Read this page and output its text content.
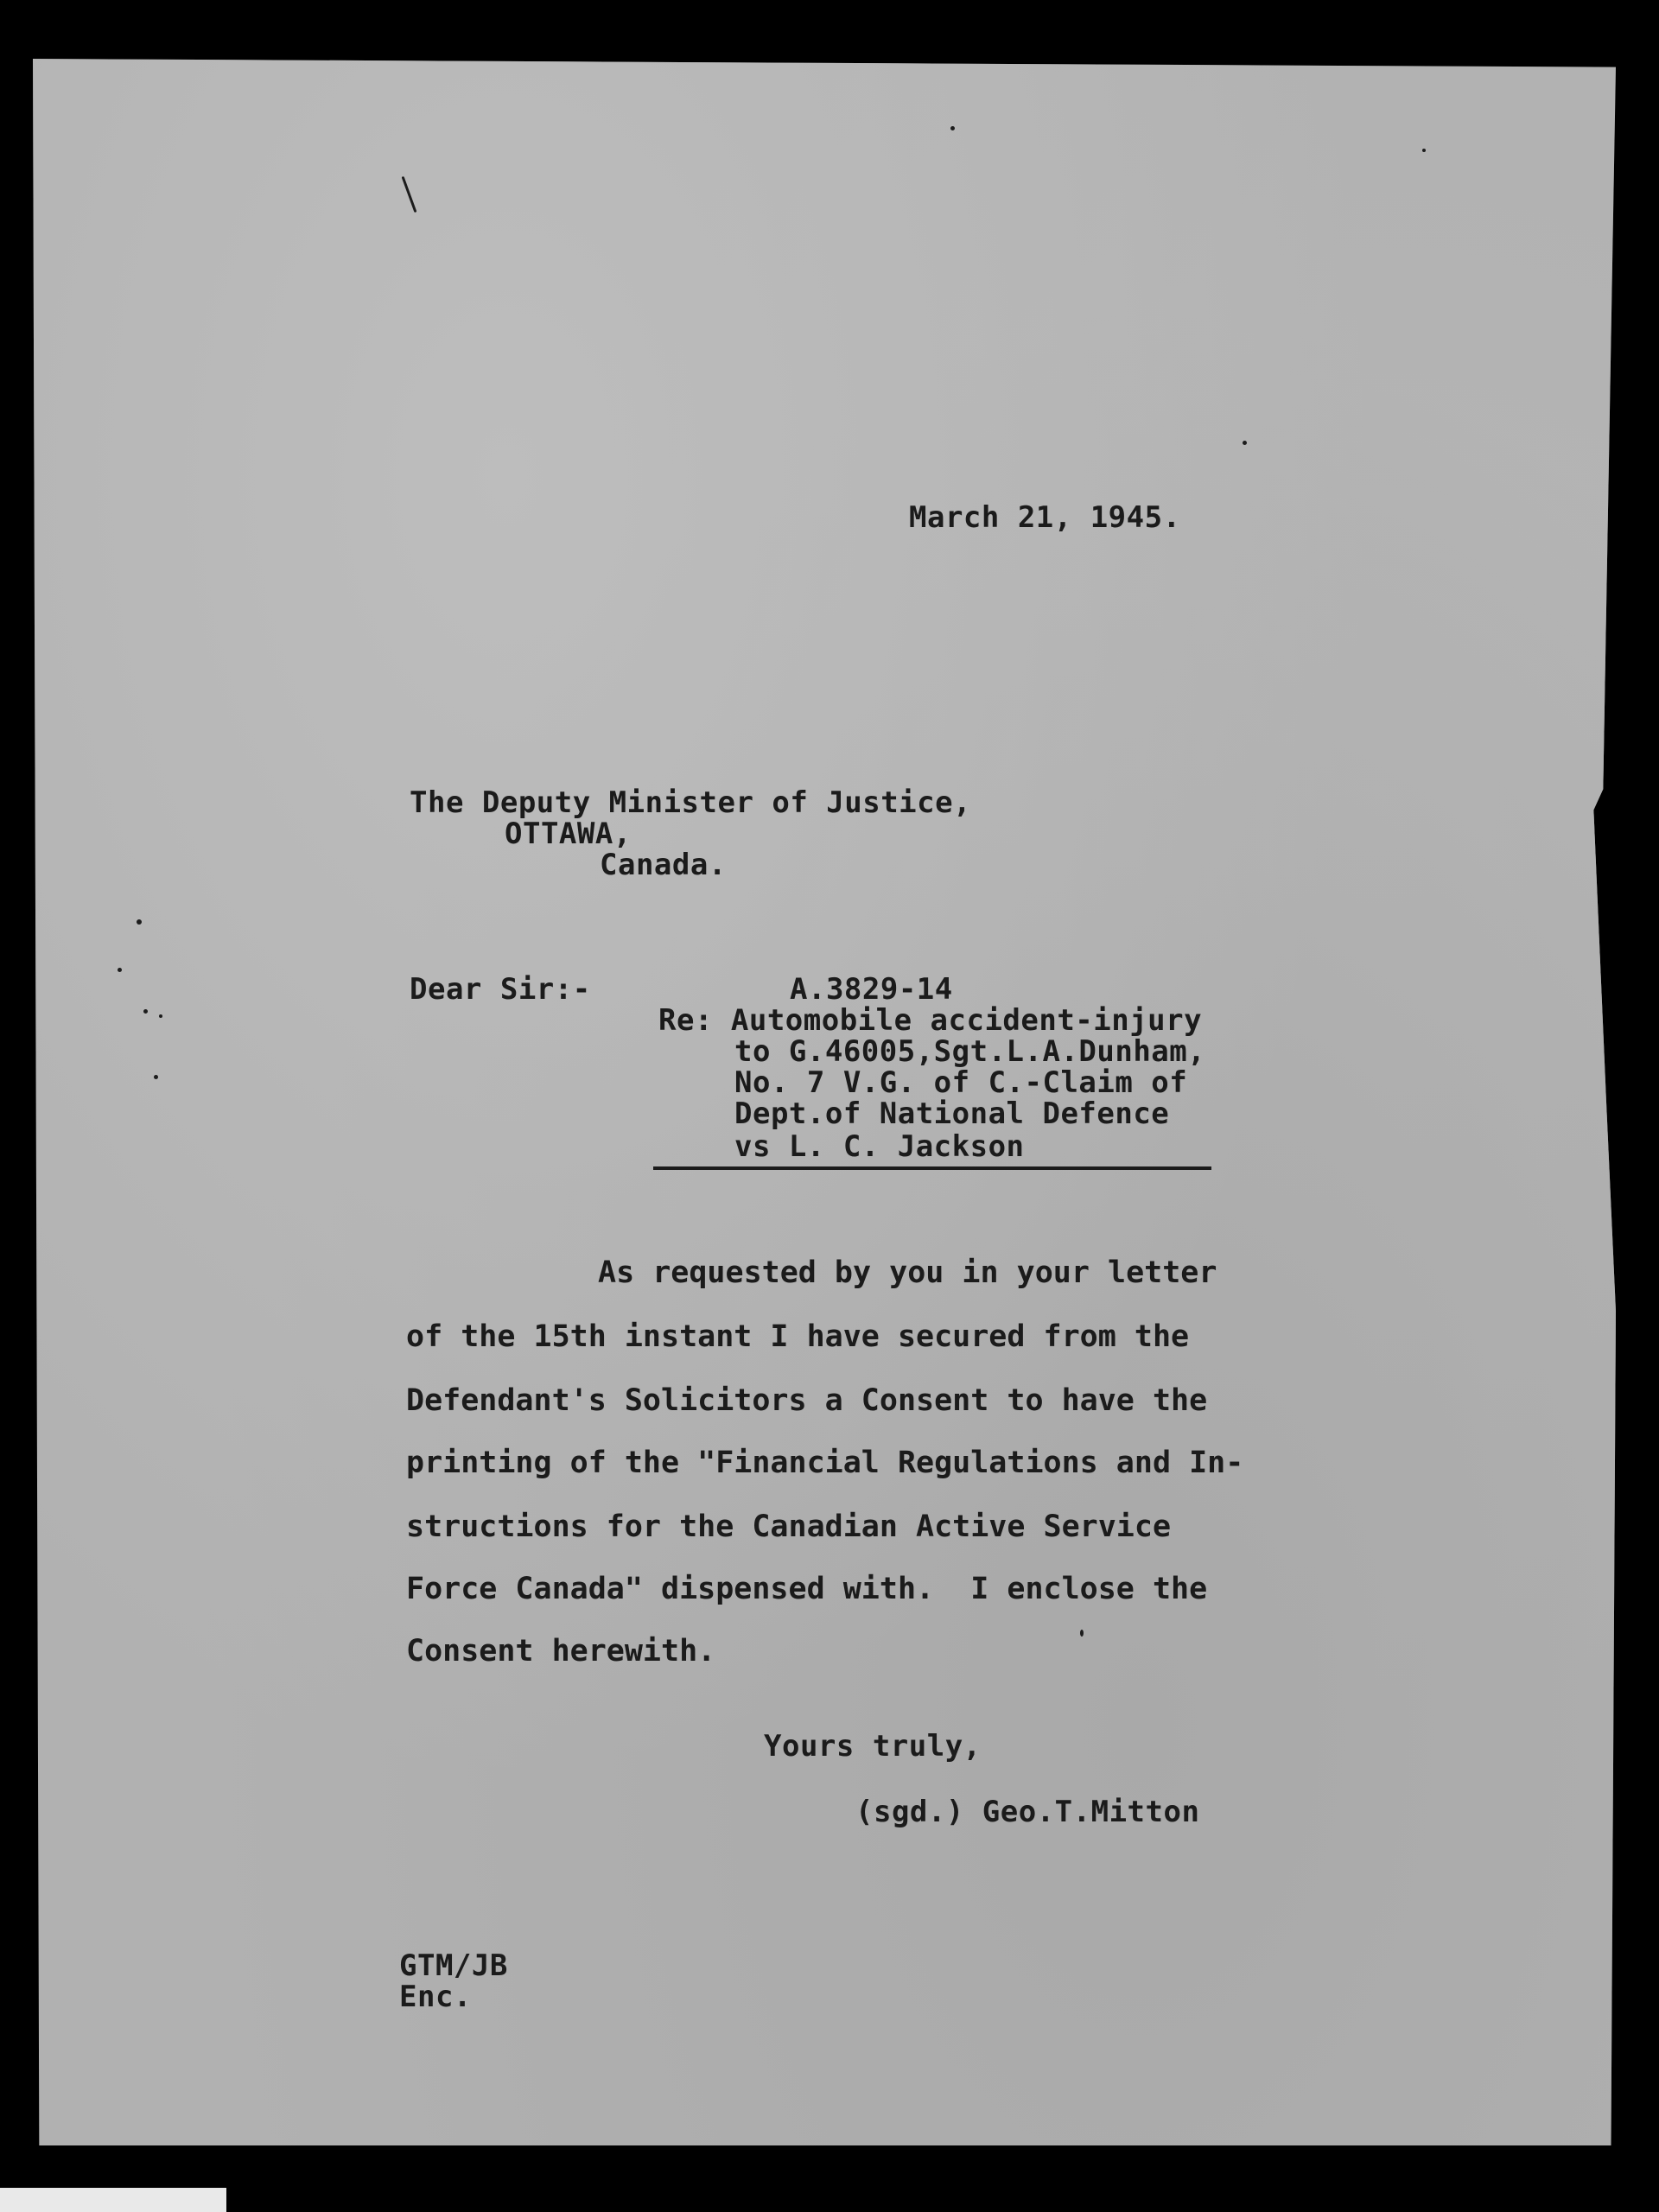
March 21, 1945.
The Deputy Minister of Justice,
OTTAWA,
Canada.
Dear Sir:-	A.3829-14
Re: Automobile accident-injury
to G.46005,Sgt.L.A.Dunham,
No. 7 V.G. of C.-Claim of
Dept.of National Defence
vs L. C. Jackson
As requested by you in your letter
of the 15th instant I have secured from the
Defendant's Solicitors a Consent to have the
printing of the "Financial Regulations and In-
structions for the Canadian Active Service
Force Canada" dispensed with.  I enclose the
Consent herewith.
Yours truly,
(sgd.) Geo.T.Mitton
GTM/JB
Enc.
